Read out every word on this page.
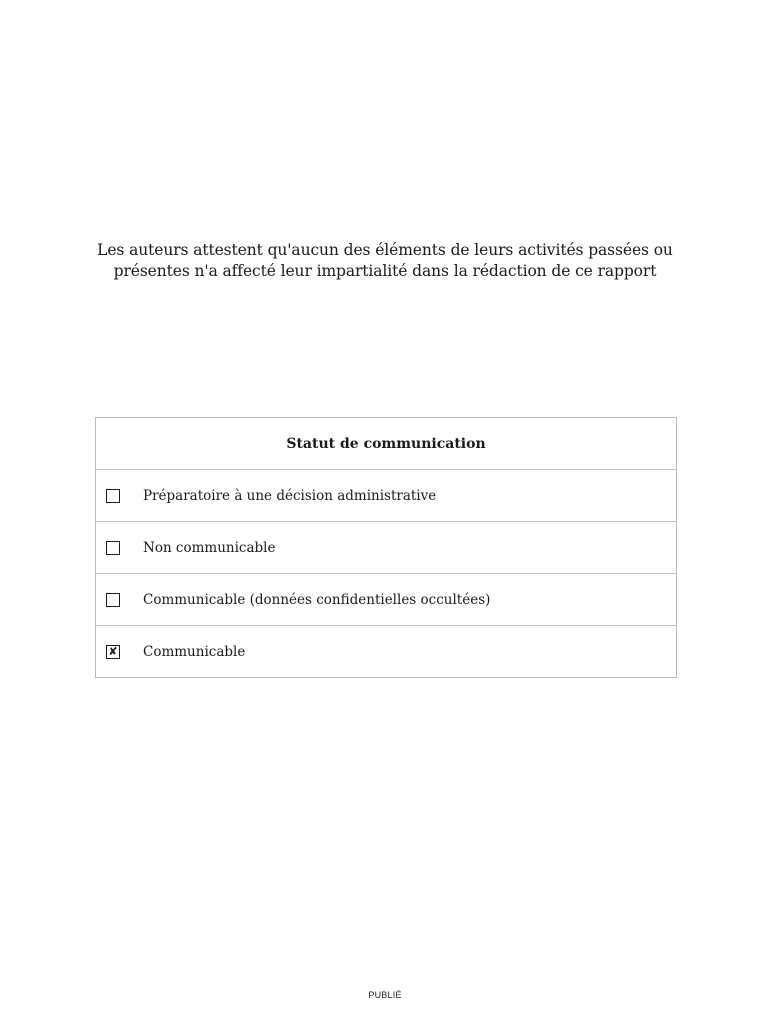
Les auteurs attestent qu'aucun des éléments de leurs activités passées ou
présentes n'a affecté leur impartialité dans la rédaction de ce rapport
Statut de communication
Préparatoire à une décision administrative
Non communicable
Communicable (données confidentielles occultées)
✘ Communicable
PUBLIÉ
